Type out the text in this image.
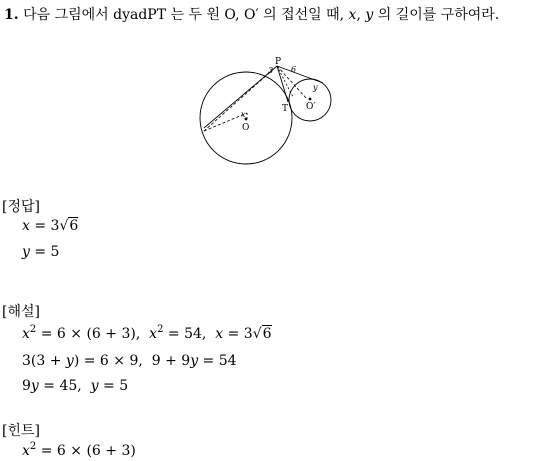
1. 다음 그림에서 dyadPT 는 두 원 O, O′ 의 접선일 때, x, y 의 길이를 구하여라.
P
3 6
y
x
T
O
O′
[정답]
x = 3√6
y = 5
[해설]
$x^2 = 6 \times (6 + 3)$,  $x^2 = 54$,  x = 3√6
3(3 + y) = 6 × 9,  9 + 9y = 54
9y = 45,  y = 5
[힌트]
$x^2 = 6 \times (6 + 3)$
